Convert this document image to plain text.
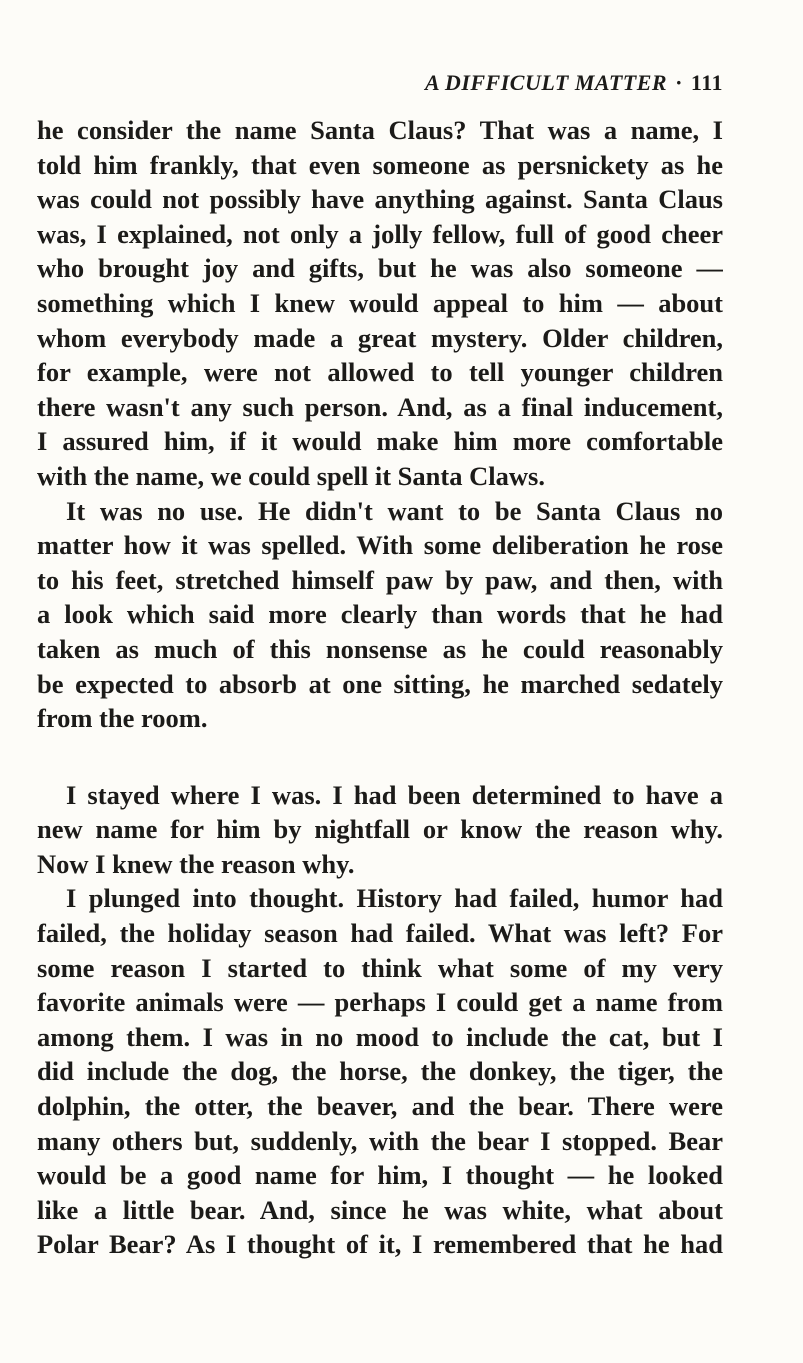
A DIFFICULT MATTER · 111
he consider the name Santa Claus? That was a name, I
told him frankly, that even someone as persnickety as he
was could not possibly have anything against. Santa Claus
was, I explained, not only a jolly fellow, full of good cheer
who brought joy and gifts, but he was also someone —
something which I knew would appeal to him — about
whom everybody made a great mystery. Older children,
for example, were not allowed to tell younger children
there wasn't any such person. And, as a final inducement,
I assured him, if it would make him more comfortable
with the name, we could spell it Santa Claws.
It was no use. He didn't want to be Santa Claus no
matter how it was spelled. With some deliberation he rose
to his feet, stretched himself paw by paw, and then, with
a look which said more clearly than words that he had
taken as much of this nonsense as he could reasonably
be expected to absorb at one sitting, he marched sedately
from the room.
I stayed where I was. I had been determined to have a
new name for him by nightfall or know the reason why.
Now I knew the reason why.
I plunged into thought. History had failed, humor had
failed, the holiday season had failed. What was left? For
some reason I started to think what some of my very
favorite animals were — perhaps I could get a name from
among them. I was in no mood to include the cat, but I
did include the dog, the horse, the donkey, the tiger, the
dolphin, the otter, the beaver, and the bear. There were
many others but, suddenly, with the bear I stopped. Bear
would be a good name for him, I thought — he looked
like a little bear. And, since he was white, what about
Polar Bear? As I thought of it, I remembered that he had
